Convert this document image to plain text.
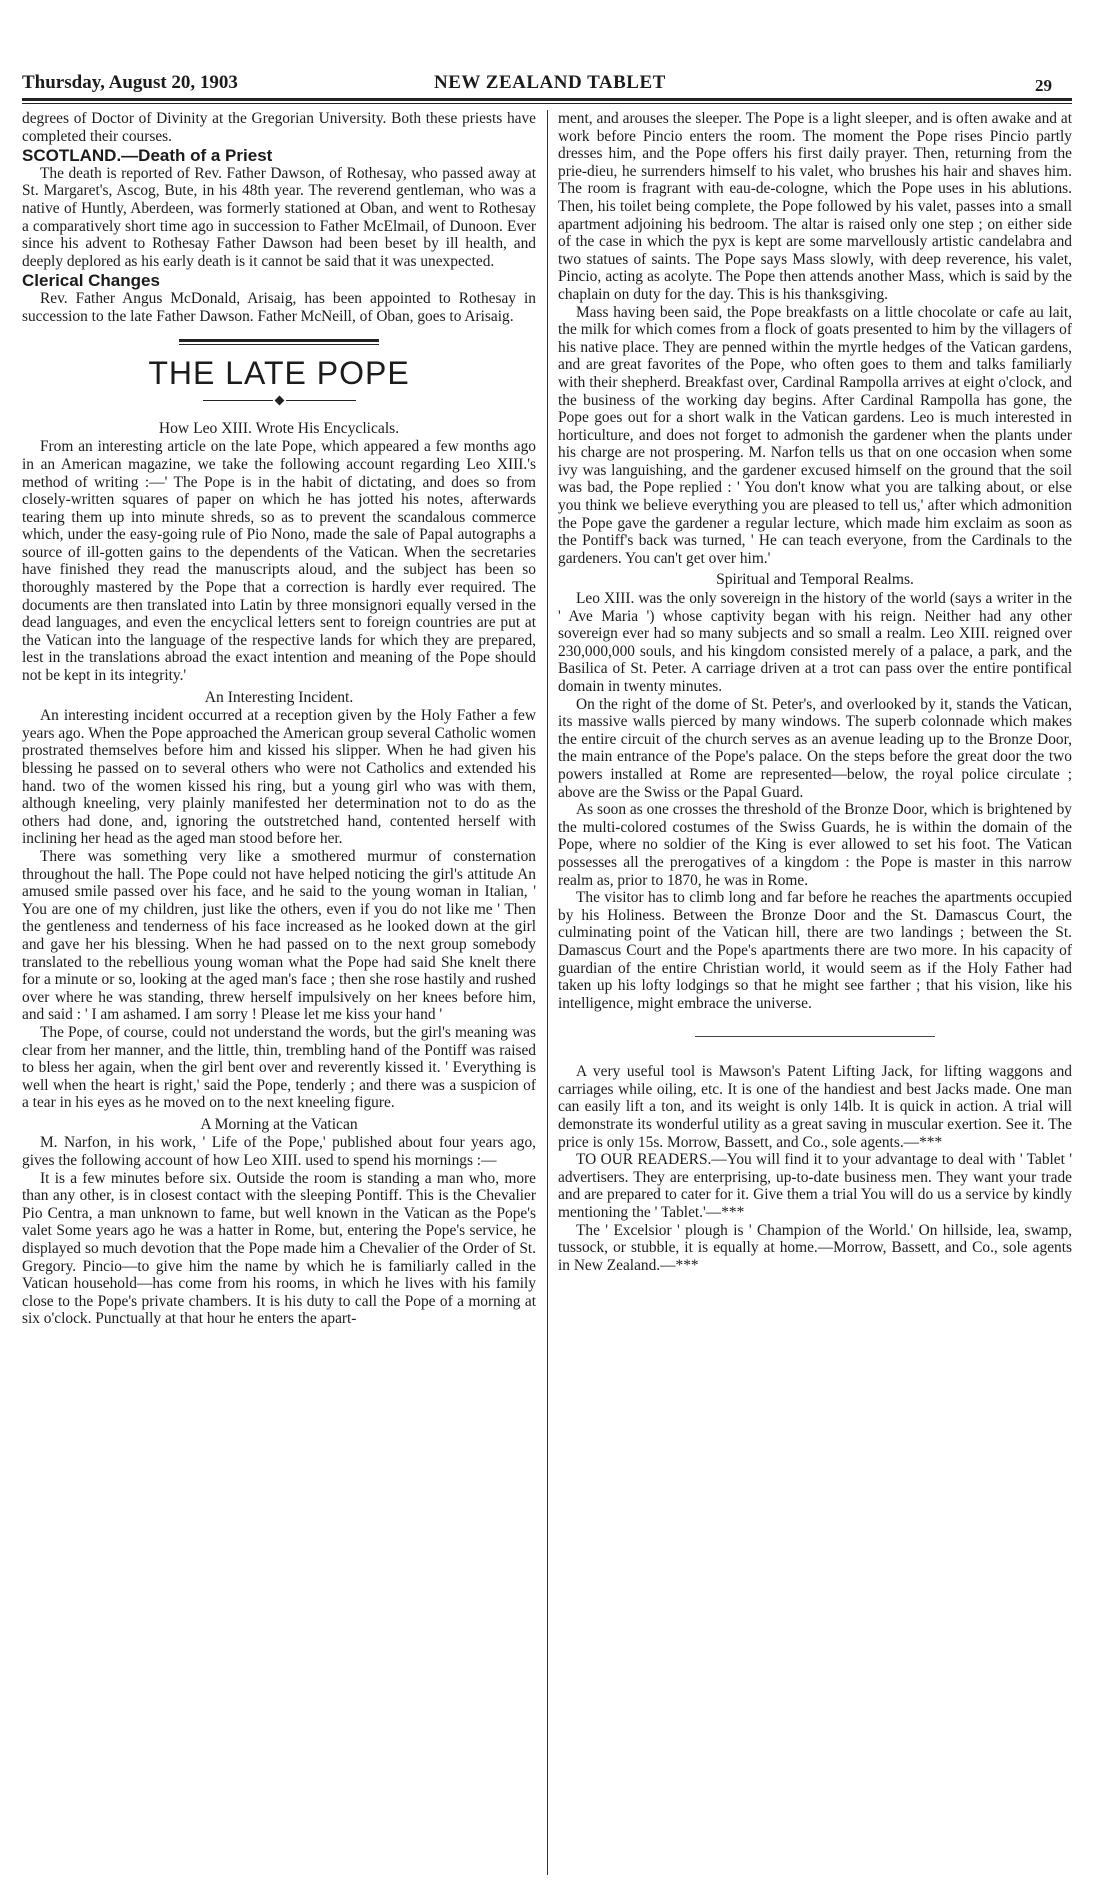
Thursday, August 20, 1903	NEW ZEALAND TABLET	29

degrees of Doctor of Divinity at the Gregorian University. Both these priests have completed their courses.

SCOTLAND.—Death of a Priest

The death is reported of Rev. Father Dawson, of Rothesay, who passed away at St. Margaret's, Ascog, Bute, in his 48th year. The reverend gentleman, who was a native of Huntly, Aberdeen, was formerly stationed at Oban, and went to Rothesay a comparatively short time ago in succession to Father McElmail, of Dunoon. Ever since his advent to Rothesay Father Dawson had been beset by ill health, and deeply deplored as his early death is it cannot be said that it was unexpected.

Clerical Changes

Rev. Father Angus McDonald, Arisaig, has been appointed to Rothesay in succession to the late Father Dawson. Father McNeill, of Oban, goes to Arisaig.

THE LATE POPE

How Leo XIII. Wrote His Encyclicals.

From an interesting article on the late Pope, which appeared a few months ago in an American magazine, we take the following account regarding Leo XIII.'s method of writing :—' The Pope is in the habit of dictating, and does so from closely-written squares of paper on which he has jotted his notes, afterwards tearing them up into minute shreds, so as to prevent the scandalous commerce which, under the easy-going rule of Pio Nono, made the sale of Papal autographs a source of ill-gotten gains to the dependents of the Vatican. When the secretaries have finished they read the manuscripts aloud, and the subject has been so thoroughly mastered by the Pope that a correction is hardly ever required. The documents are then translated into Latin by three monsignori equally versed in the dead languages, and even the encyclical letters sent to foreign countries are put at the Vatican into the language of the respective lands for which they are prepared, lest in the translations abroad the exact intention and meaning of the Pope should not be kept in its integrity.'

An Interesting Incident.

An interesting incident occurred at a reception given by the Holy Father a few years ago. When the Pope approached the American group several Catholic women prostrated themselves before him and kissed his slipper. When he had given his blessing he passed on to several others who were not Catholics and extended his hand. two of the women kissed his ring, but a young girl who was with them, although kneeling, very plainly manifested her determination not to do as the others had done, and, ignoring the outstretched hand, contented herself with inclining her head as the aged man stood before her.

There was something very like a smothered murmur of consternation throughout the hall. The Pope could not have helped noticing the girl's attitude An amused smile passed over his face, and he said to the young woman in Italian, ' You are one of my children, just like the others, even if you do not like me ' Then the gentleness and tenderness of his face increased as he looked down at the girl and gave her his blessing. When he had passed on to the next group somebody translated to the rebellious young woman what the Pope had said She knelt there for a minute or so, looking at the aged man's face ; then she rose hastily and rushed over where he was standing, threw herself impulsively on her knees before him, and said : ' I am ashamed. I am sorry ! Please let me kiss your hand '

The Pope, of course, could not understand the words, but the girl's meaning was clear from her manner, and the little, thin, trembling hand of the Pontiff was raised to bless her again, when the girl bent over and reverently kissed it. ' Everything is well when the heart is right,' said the Pope, tenderly ; and there was a suspicion of a tear in his eyes as he moved on to the next kneeling figure.

A Morning at the Vatican

M. Narfon, in his work, ' Life of the Pope,' published about four years ago, gives the following account of how Leo XIII. used to spend his mornings :—

It is a few minutes before six. Outside the room is standing a man who, more than any other, is in closest contact with the sleeping Pontiff. This is the Chevalier Pio Centra, a man unknown to fame, but well known in the Vatican as the Pope's valet Some years ago he was a hatter in Rome, but, entering the Pope's service, he displayed so much devotion that the Pope made him a Chevalier of the Order of St. Gregory. Pincio—to give him the name by which he is familiarly called in the Vatican household—has come from his rooms, in which he lives with his family close to the Pope's private chambers. It is his duty to call the Pope of a morning at six o'clock. Punctually at that hour he enters the apart-

ment, and arouses the sleeper. The Pope is a light sleeper, and is often awake and at work before Pincio enters the room. The moment the Pope rises Pincio partly dresses him, and the Pope offers his first daily prayer. Then, returning from the prie-dieu, he surrenders himself to his valet, who brushes his hair and shaves him. The room is fragrant with eau-de-cologne, which the Pope uses in his ablutions. Then, his toilet being complete, the Pope followed by his valet, passes into a small apartment adjoining his bedroom. The altar is raised only one step ; on either side of the case in which the pyx is kept are some marvellously artistic candelabra and two statues of saints. The Pope says Mass slowly, with deep reverence, his valet, Pincio, acting as acolyte. The Pope then attends another Mass, which is said by the chaplain on duty for the day. This is his thanksgiving.

Mass having been said, the Pope breakfasts on a little chocolate or cafe au lait, the milk for which comes from a flock of goats presented to him by the villagers of his native place. They are penned within the myrtle hedges of the Vatican gardens, and are great favorites of the Pope, who often goes to them and talks familiarly with their shepherd. Breakfast over, Cardinal Rampolla arrives at eight o'clock, and the business of the working day begins. After Cardinal Rampolla has gone, the Pope goes out for a short walk in the Vatican gardens. Leo is much interested in horticulture, and does not forget to admonish the gardener when the plants under his charge are not prospering. M. Narfon tells us that on one occasion when some ivy was languishing, and the gardener excused himself on the ground that the soil was bad, the Pope replied : ' You don't know what you are talking about, or else you think we believe everything you are pleased to tell us,' after which admonition the Pope gave the gardener a regular lecture, which made him exclaim as soon as the Pontiff's back was turned, ' He can teach everyone, from the Cardinals to the gardeners. You can't get over him.'

Spiritual and Temporal Realms.

Leo XIII. was the only sovereign in the history of the world (says a writer in the ' Ave Maria ') whose captivity began with his reign. Neither had any other sovereign ever had so many subjects and so small a realm. Leo XIII. reigned over 230,000,000 souls, and his kingdom consisted merely of a palace, a park, and the Basilica of St. Peter. A carriage driven at a trot can pass over the entire pontifical domain in twenty minutes.

On the right of the dome of St. Peter's, and overlooked by it, stands the Vatican, its massive walls pierced by many windows. The superb colonnade which makes the entire circuit of the church serves as an avenue leading up to the Bronze Door, the main entrance of the Pope's palace. On the steps before the great door the two powers installed at Rome are represented—below, the royal police circulate ; above are the Swiss or the Papal Guard.

As soon as one crosses the threshold of the Bronze Door, which is brightened by the multi-colored costumes of the Swiss Guards, he is within the domain of the Pope, where no soldier of the King is ever allowed to set his foot. The Vatican possesses all the prerogatives of a kingdom : the Pope is master in this narrow realm as, prior to 1870, he was in Rome.

The visitor has to climb long and far before he reaches the apartments occupied by his Holiness. Between the Bronze Door and the St. Damascus Court, the culminating point of the Vatican hill, there are two landings ; between the St. Damascus Court and the Pope's apartments there are two more. In his capacity of guardian of the entire Christian world, it would seem as if the Holy Father had taken up his lofty lodgings so that he might see farther ; that his vision, like his intelligence, might embrace the universe.

A very useful tool is Mawson's Patent Lifting Jack, for lifting waggons and carriages while oiling, etc. It is one of the handiest and best Jacks made. One man can easily lift a ton, and its weight is only 14lb. It is quick in action. A trial will demonstrate its wonderful utility as a great saving in muscular exertion. See it. The price is only 15s. Morrow, Bassett, and Co., sole agents.—***

TO OUR READERS.—You will find it to your advantage to deal with ' Tablet ' advertisers. They are enterprising, up-to-date business men. They want your trade and are prepared to cater for it. Give them a trial You will do us a service by kindly mentioning the ' Tablet.'—***

The ' Excelsior ' plough is ' Champion of the World.' On hillside, lea, swamp, tussock, or stubble, it is equally at home.—Morrow, Bassett, and Co., sole agents in New Zealand.—***
